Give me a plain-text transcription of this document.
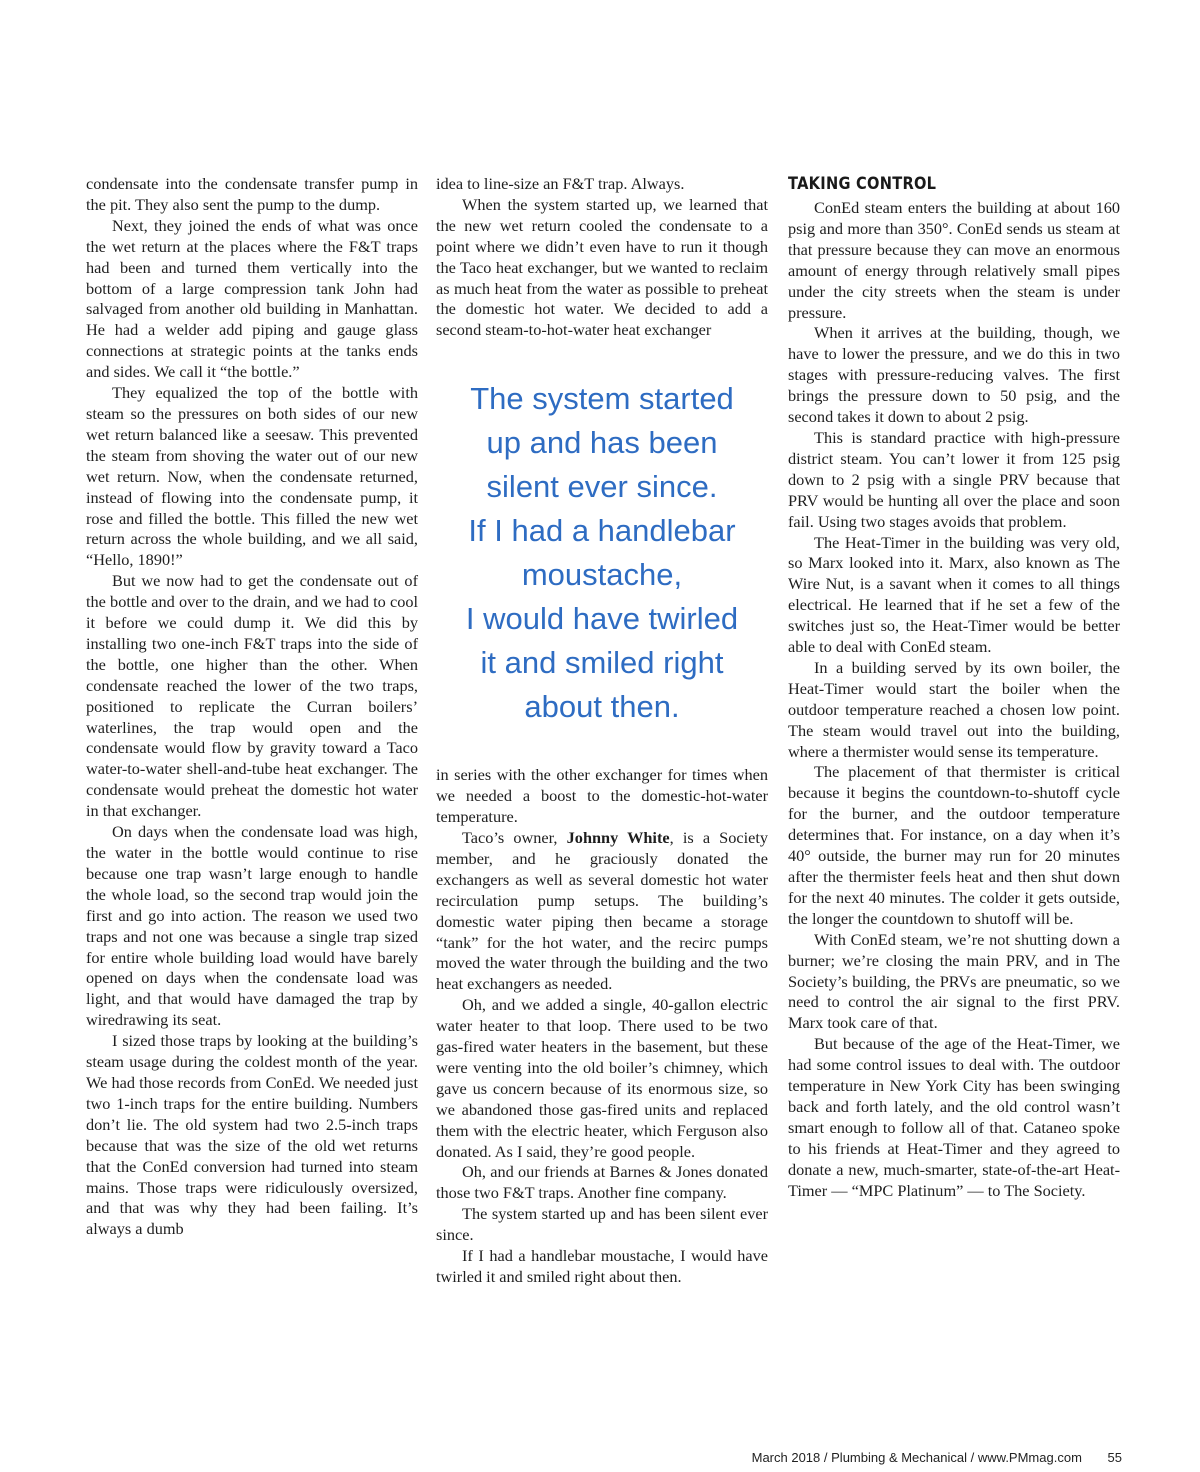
condensate into the condensate transfer pump in the pit. They also sent the pump to the dump.

Next, they joined the ends of what was once the wet return at the places where the F&T traps had been and turned them vertically into the bottom of a large compression tank John had salvaged from another old building in Manhattan. He had a welder add piping and gauge glass connections at strategic points at the tanks ends and sides. We call it “the bottle.”

They equalized the top of the bottle with steam so the pressures on both sides of our new wet return balanced like a seesaw. This prevented the steam from shoving the water out of our new wet return. Now, when the condensate returned, instead of flowing into the condensate pump, it rose and filled the bottle. This filled the new wet return across the whole building, and we all said, “Hello, 1890!”

But we now had to get the condensate out of the bottle and over to the drain, and we had to cool it before we could dump it. We did this by installing two one-inch F&T traps into the side of the bottle, one higher than the other. When condensate reached the lower of the two traps, positioned to replicate the Curran boilers’ waterlines, the trap would open and the condensate would flow by gravity toward a Taco water-to-water shell-and-tube heat exchanger. The condensate would preheat the domestic hot water in that exchanger.

On days when the condensate load was high, the water in the bottle would continue to rise because one trap wasn’t large enough to handle the whole load, so the second trap would join the first and go into action. The reason we used two traps and not one was because a single trap sized for entire whole building load would have barely opened on days when the condensate load was light, and that would have damaged the trap by wiredrawing its seat.

I sized those traps by looking at the building’s steam usage during the coldest month of the year. We had those records from ConEd. We needed just two 1-inch traps for the entire building. Numbers don’t lie. The old system had two 2.5-inch traps because that was the size of the old wet returns that the ConEd conversion had turned into steam mains. Those traps were ridiculously oversized, and that was why they had been failing. It’s always a dumb

idea to line-size an F&T trap. Always.

When the system started up, we learned that the new wet return cooled the condensate to a point where we didn’t even have to run it though the Taco heat exchanger, but we wanted to reclaim as much heat from the water as possible to preheat the domestic hot water. We decided to add a second steam-to-hot-water heat exchanger

The system started
up and has been
silent ever since.
If I had a handlebar
moustache,
I would have twirled
it and smiled right
about then.

in series with the other exchanger for times when we needed a boost to the domestic-hot-water temperature.

Taco’s owner, Johnny White, is a Society member, and he graciously donated the exchangers as well as several domestic hot water recirculation pump setups. The building’s domestic water piping then became a storage “tank” for the hot water, and the recirc pumps moved the water through the building and the two heat exchangers as needed.

Oh, and we added a single, 40-gallon electric water heater to that loop. There used to be two gas-fired water heaters in the basement, but these were venting into the old boiler’s chimney, which gave us concern because of its enormous size, so we abandoned those gas-fired units and replaced them with the electric heater, which Ferguson also donated. As I said, they’re good people.

Oh, and our friends at Barnes & Jones donated those two F&T traps. Another fine company.

The system started up and has been silent ever since.

If I had a handlebar moustache, I would have twirled it and smiled right about then.

TAKING CONTROL

ConEd steam enters the building at about 160 psig and more than 350°. ConEd sends us steam at that pressure because they can move an enormous amount of energy through relatively small pipes under the city streets when the steam is under pressure.

When it arrives at the building, though, we have to lower the pressure, and we do this in two stages with pressure-reducing valves. The first brings the pressure down to 50 psig, and the second takes it down to about 2 psig.

This is standard practice with high-pressure district steam. You can’t lower it from 125 psig down to 2 psig with a single PRV because that PRV would be hunting all over the place and soon fail. Using two stages avoids that problem.

The Heat-Timer in the building was very old, so Marx looked into it. Marx, also known as The Wire Nut, is a savant when it comes to all things electrical. He learned that if he set a few of the switches just so, the Heat-Timer would be better able to deal with ConEd steam.

In a building served by its own boiler, the Heat-Timer would start the boiler when the outdoor temperature reached a chosen low point. The steam would travel out into the building, where a thermister would sense its temperature.

The placement of that thermister is critical because it begins the countdown-to-shutoff cycle for the burner, and the outdoor temperature determines that. For instance, on a day when it’s 40° outside, the burner may run for 20 minutes after the thermister feels heat and then shut down for the next 40 minutes. The colder it gets outside, the longer the countdown to shutoff will be.

With ConEd steam, we’re not shutting down a burner; we’re closing the main PRV, and in The Society’s building, the PRVs are pneumatic, so we need to control the air signal to the first PRV. Marx took care of that.

But because of the age of the Heat-Timer, we had some control issues to deal with. The outdoor temperature in New York City has been swinging back and forth lately, and the old control wasn’t smart enough to follow all of that. Cataneo spoke to his friends at Heat-Timer and they agreed to donate a new, much-smarter, state-of-the-art Heat-Timer — “MPC Platinum” — to The Society.

March 2018 / Plumbing & Mechanical / www.PMmag.com 55
